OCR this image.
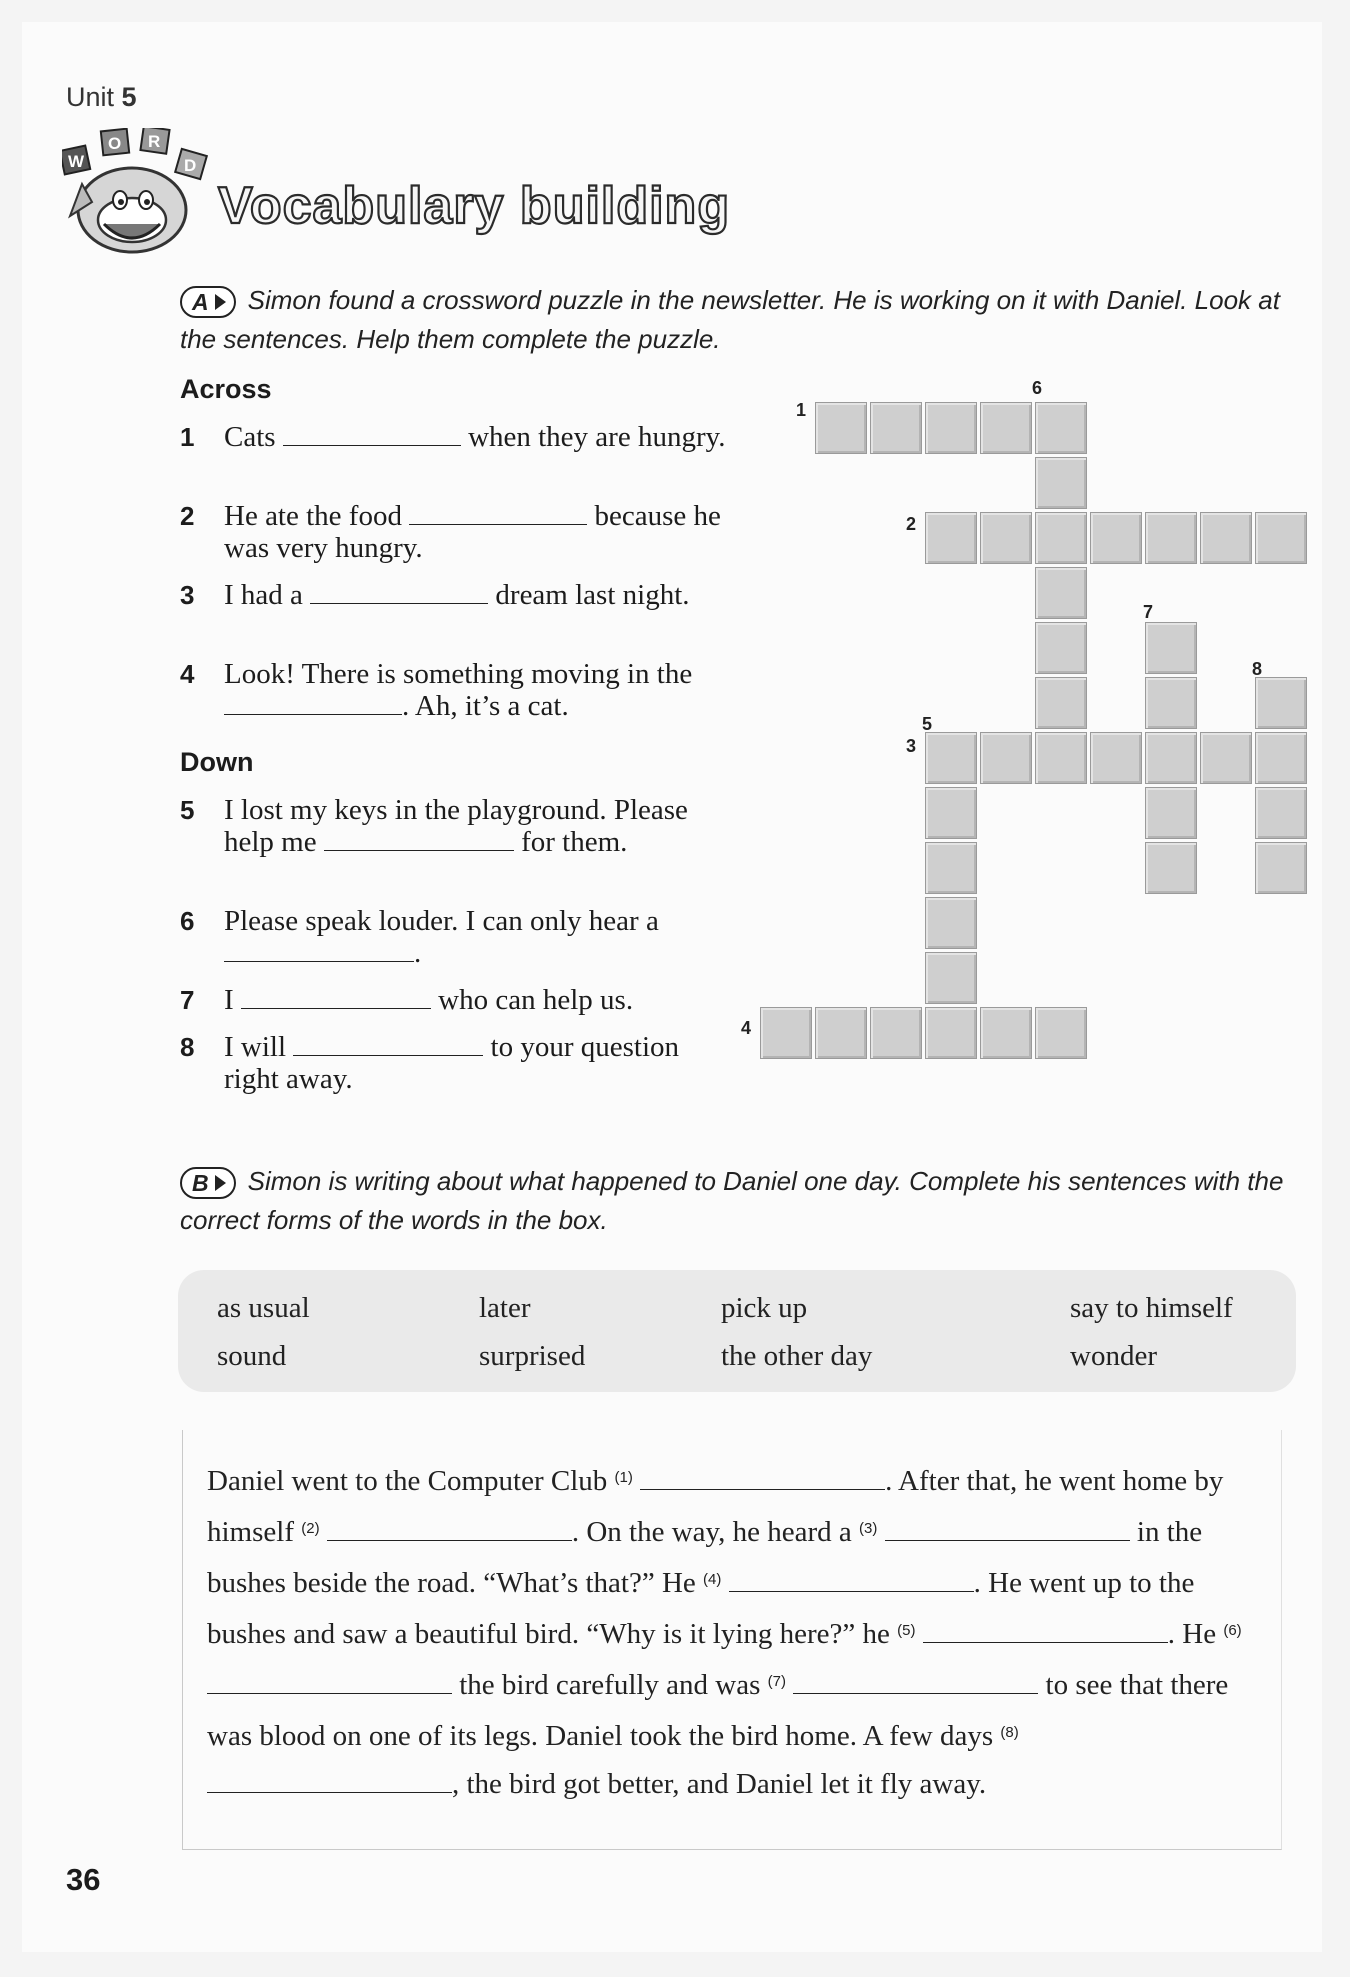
Unit 5
W
O R
D
Vocabulary building
A Simon found a crossword puzzle in the newsletter. He is working on it with Daniel. Look at the sentences. Help them complete the puzzle.
Across
1 Cats	when they are hungry.
2 He ate the food	because he was very hungry.
3 I had a	dream last night.
4 Look! There is something moving in the . Ah, it’s a cat.
Down
5 I lost my keys in the playground. Please help me	for them.
6 Please speak louder. I can only hear a .
7 I	who can help us.
8 I will	to your question right away.
1
2
3
4
5
6
7
8
B Simon is writing about what happened to Daniel one day. Complete his sentences with the correct forms of the words in the box.
as usual	later	pick up	say to himself
sound	surprised	the other day	wonder
Daniel went to the Computer Club $^{(1)}$	. After that, he went home by himself $^{(2)}$	. On the way, he heard a $^{(3)}$	in the bushes beside the road. “What’s that?” He $^{(4)}$	. He went up to the bushes and saw a beautiful bird. “Why is it lying here?” he $^{(5)}$	. He $^{(6)}$  the bird carefully and was $^{(7)}$	to see that there was blood on one of its legs. Daniel took the bird home. A few days $^{(8)}$ , the bird got better, and Daniel let it fly away.
36
